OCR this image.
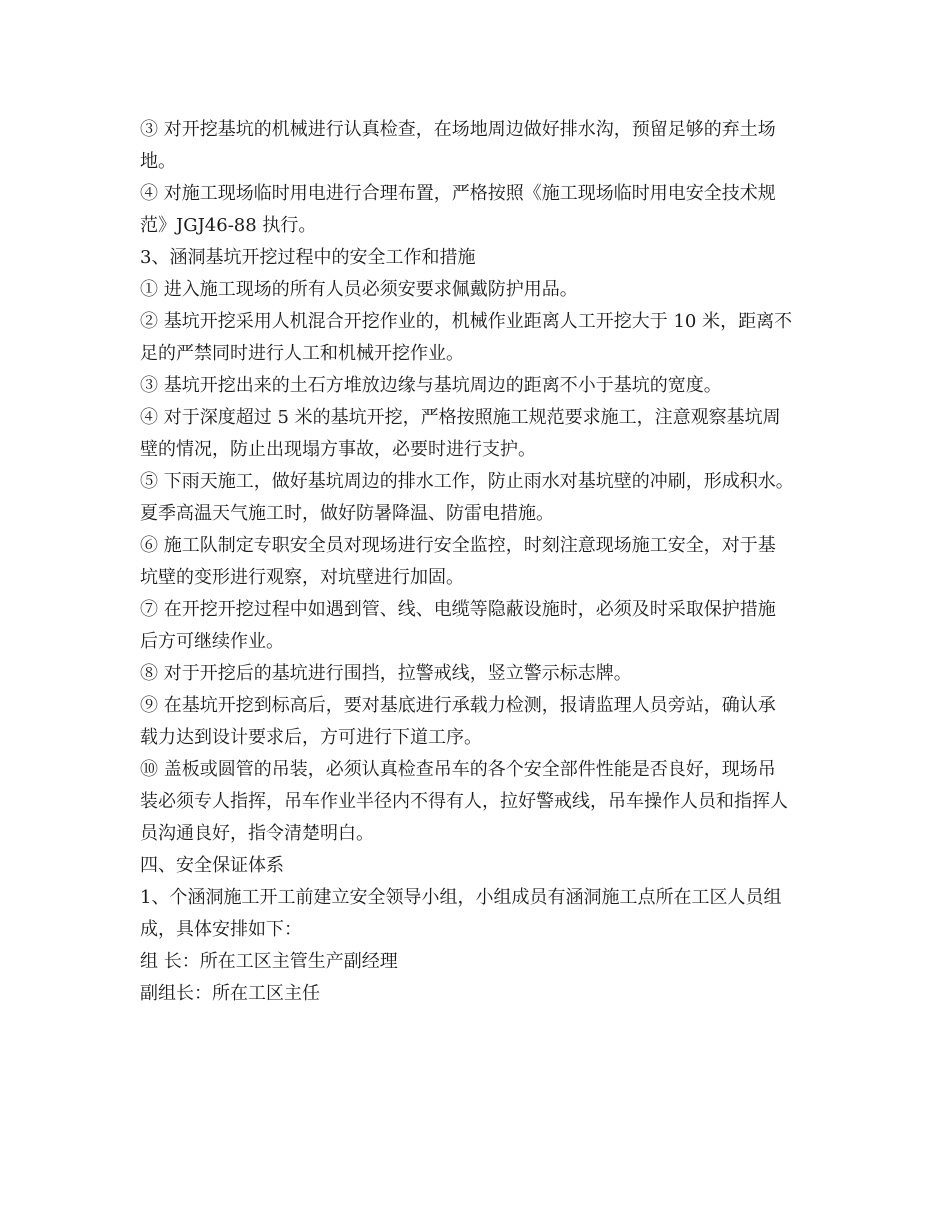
③ 对开挖基坑的机械进行认真检查，在场地周边做好排水沟，预留足够的弃土场

地。

④ 对施工现场临时用电进行合理布置，严格按照《施工现场临时用电安全技术规

范》JGJ46-88 执行。

3、涵洞基坑开挖过程中的安全工作和措施

① 进入施工现场的所有人员必须安要求佩戴防护用品。

② 基坑开挖采用人机混合开挖作业的，机械作业距离人工开挖大于 10 米，距离不

足的严禁同时进行人工和机械开挖作业。

③ 基坑开挖出来的土石方堆放边缘与基坑周边的距离不小于基坑的宽度。

④ 对于深度超过 5 米的基坑开挖，严格按照施工规范要求施工，注意观察基坑周

壁的情况，防止出现塌方事故，必要时进行支护。

⑤ 下雨天施工，做好基坑周边的排水工作，防止雨水对基坑壁的冲刷，形成积水。

夏季高温天气施工时，做好防暑降温、防雷电措施。

⑥ 施工队制定专职安全员对现场进行安全监控，时刻注意现场施工安全，对于基

坑壁的变形进行观察，对坑壁进行加固。

⑦ 在开挖开挖过程中如遇到管、线、电缆等隐蔽设施时，必须及时采取保护措施

后方可继续作业。

⑧ 对于开挖后的基坑进行围挡，拉警戒线，竖立警示标志牌。

⑨ 在基坑开挖到标高后，要对基底进行承载力检测，报请监理人员旁站，确认承

载力达到设计要求后，方可进行下道工序。

⑩ 盖板或圆管的吊装，必须认真检查吊车的各个安全部件性能是否良好，现场吊

装必须专人指挥，吊车作业半径内不得有人，拉好警戒线，吊车操作人员和指挥人

员沟通良好，指令清楚明白。

四、安全保证体系

1、个涵洞施工开工前建立安全领导小组，小组成员有涵洞施工点所在工区人员组

成，具体安排如下：

组 长：所在工区主管生产副经理

副组长：所在工区主任
